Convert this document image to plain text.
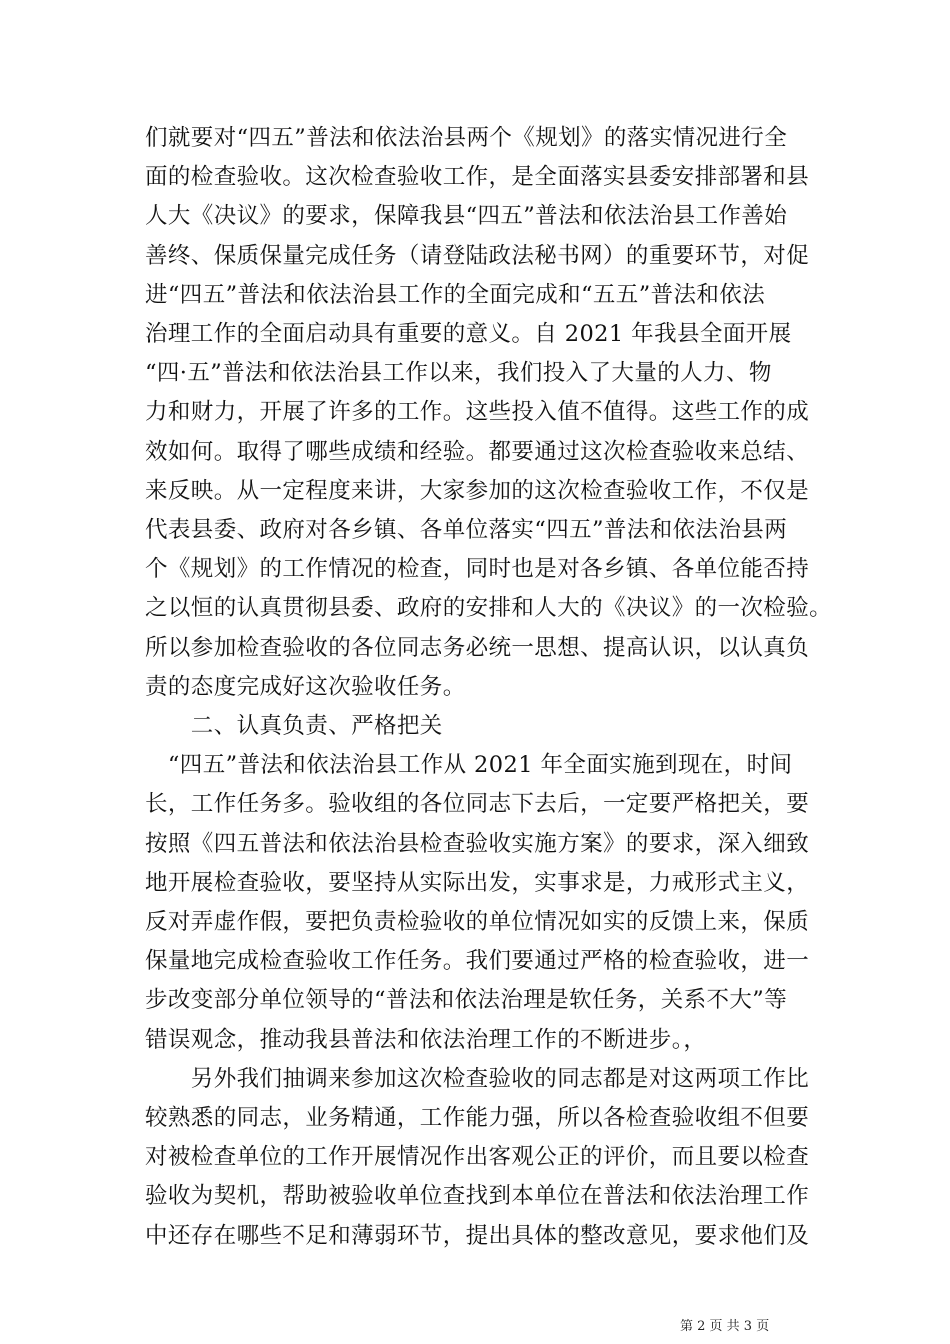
们就要对“四五”普法和依法治县两个《规划》的落实情况进行全
面的检查验收。这次检查验收工作，是全面落实县委安排部署和县
人大《决议》的要求，保障我县“四五”普法和依法治县工作善始
善终、保质保量完成任务（请登陆政法秘书网）的重要环节，对促
进“四五”普法和依法治县工作的全面完成和“五五”普法和依法
治理工作的全面启动具有重要的意义。自 2021 年我县全面开展
“四·五”普法和依法治县工作以来，我们投入了大量的人力、物
力和财力，开展了许多的工作。这些投入值不值得。这些工作的成
效如何。取得了哪些成绩和经验。都要通过这次检查验收来总结、
来反映。从一定程度来讲，大家参加的这次检查验收工作，不仅是
代表县委、政府对各乡镇、各单位落实“四五”普法和依法治县两
个《规划》的工作情况的检查，同时也是对各乡镇、各单位能否持
之以恒的认真贯彻县委、政府的安排和人大的《决议》的一次检验。
所以参加检查验收的各位同志务必统一思想、提高认识，以认真负
责的态度完成好这次验收任务。
　　二、认真负责、严格把关
　“四五”普法和依法治县工作从 2021 年全面实施到现在，时间
长，工作任务多。验收组的各位同志下去后，一定要严格把关，要
按照《四五普法和依法治县检查验收实施方案》的要求，深入细致
地开展检查验收，要坚持从实际出发，实事求是，力戒形式主义，
反对弄虚作假，要把负责检验收的单位情况如实的反馈上来，保质
保量地完成检查验收工作任务。我们要通过严格的检查验收，进一
步改变部分单位领导的“普法和依法治理是软任务，关系不大”等
错误观念，推动我县普法和依法治理工作的不断进步。，
　　另外我们抽调来参加这次检查验收的同志都是对这两项工作比
较熟悉的同志，业务精通，工作能力强，所以各检查验收组不但要
对被检查单位的工作开展情况作出客观公正的评价，而且要以检查
验收为契机，帮助被验收单位查找到本单位在普法和依法治理工作
中还存在哪些不足和薄弱环节，提出具体的整改意见，要求他们及
第 2 页 共 3 页
